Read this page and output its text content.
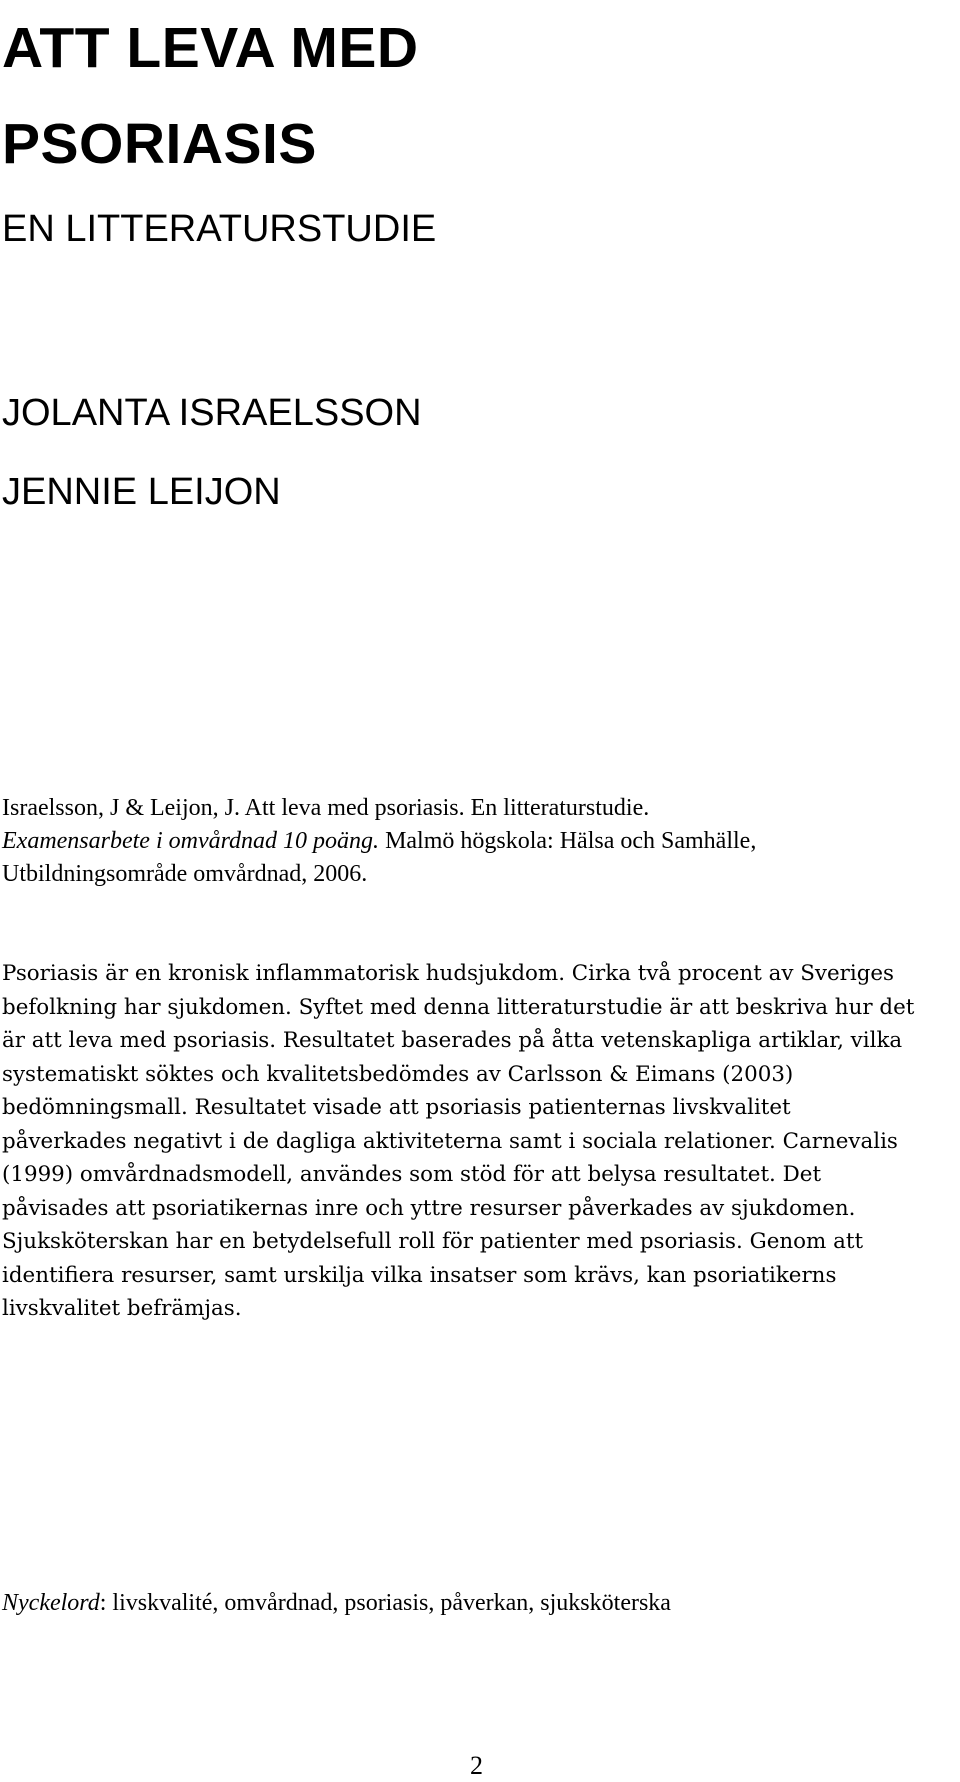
ATT LEVA MED
PSORIASIS

EN LITTERATURSTUDIE

JOLANTA ISRAELSSON

JENNIE LEIJON

Israelsson, J & Leijon, J. Att leva med psoriasis. En litteraturstudie.
Examensarbete i omvårdnad 10 poäng. Malmö högskola: Hälsa och Samhälle,
Utbildningsområde omvårdnad, 2006.

Psoriasis är en kronisk inflammatorisk hudsjukdom. Cirka två procent av Sveriges
befolkning har sjukdomen. Syftet med denna litteraturstudie är att beskriva hur det
är att leva med psoriasis. Resultatet baserades på åtta vetenskapliga artiklar, vilka
systematiskt söktes och kvalitetsbedömdes av Carlsson & Eimans (2003)
bedömningsmall. Resultatet visade att psoriasis patienternas livskvalitet
påverkades negativt i de dagliga aktiviteterna samt i sociala relationer. Carnevalis
(1999) omvårdnadsmodell, användes som stöd för att belysa resultatet. Det
påvisades att psoriatikernas inre och yttre resurser påverkades av sjukdomen.
Sjuksköterskan har en betydelsefull roll för patienter med psoriasis. Genom att
identifiera resurser, samt urskilja vilka insatser som krävs, kan psoriatikerns
livskvalitet befrämjas.

Nyckelord: livskvalité, omvårdnad, psoriasis, påverkan, sjuksköterska

2
